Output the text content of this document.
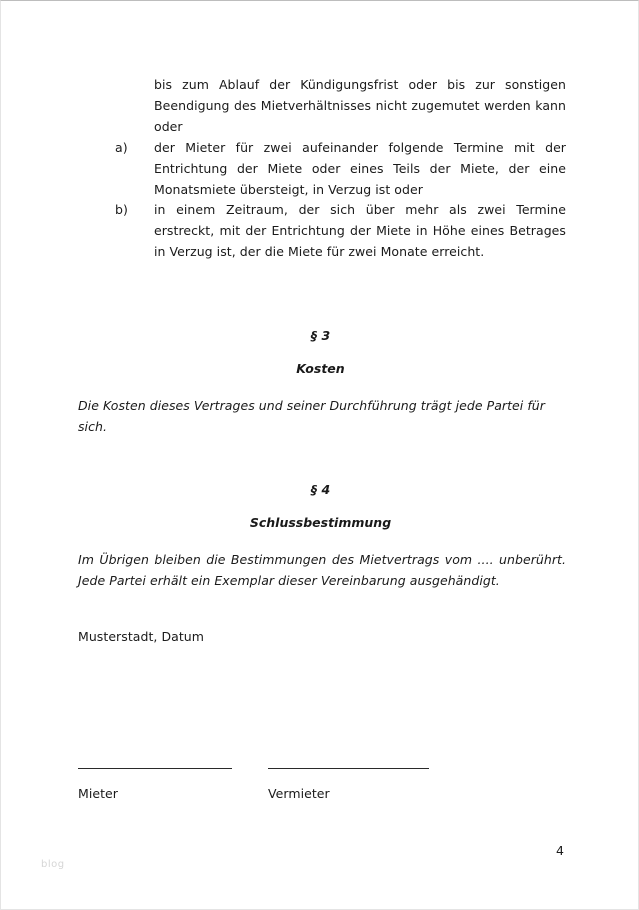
bis zum Ablauf der Kündigungsfrist oder bis zur sonstigen Beendigung des Mietverhältnisses nicht zugemutet werden kann oder
a)	der Mieter für zwei aufeinander folgende Termine mit der Entrichtung der Miete oder eines Teils der Miete, der eine Monatsmiete übersteigt, in Verzug ist oder
b)	in einem Zeitraum, der sich über mehr als zwei Termine erstreckt, mit der Entrichtung der Miete in Höhe eines Betrages in Verzug ist, der die Miete für zwei Monate erreicht.
§ 3
Kosten
Die Kosten dieses Vertrages und seiner Durchführung trägt jede Partei für sich.
§ 4
Schlussbestimmung
Im Übrigen bleiben die Bestimmungen des Mietvertrags vom .... unberührt. Jede Partei erhält ein Exemplar dieser Vereinbarung ausgehändigt.
Musterstadt, Datum
Mieter	Vermieter
4
blog
